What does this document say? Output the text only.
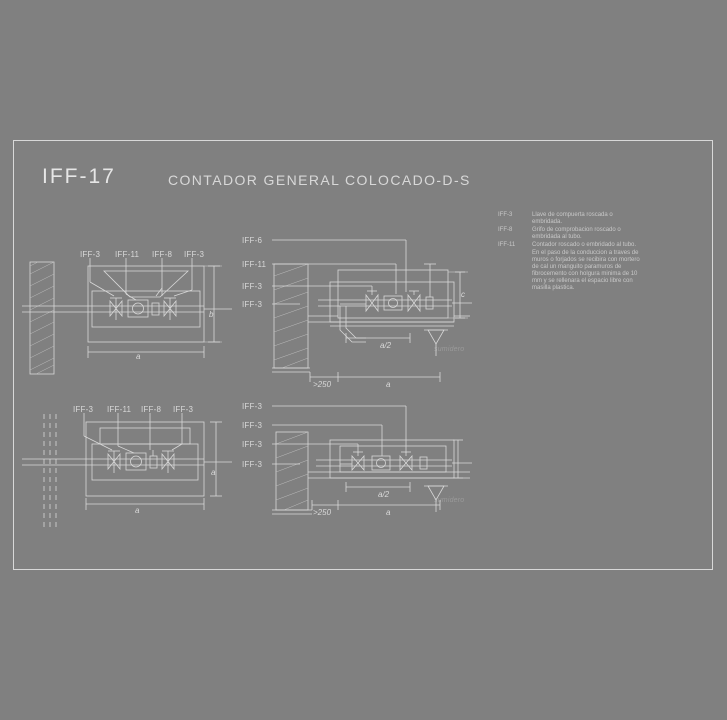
IFF-17	CONTADOR GENERAL COLOCADO-D-S
IFF-3	Llave de compuerta roscada o embridada.
IFF-8	Grifo de comprobacion roscado o embridada al tubo.
IFF-11	Contador roscado o embridado al tubo.
En el paso de la conduccion a traves de muros o forjados se recibira con mortero de cal un manguito paramuros de fibrocemento con holgura minima de 10 mm y se rellenara el espacio libre con masilla plastica.
IFF-3 IFF-11 IFF-8 IFF-3
a
b
IFF-6
IFF-11
IFF-3
IFF-3
>250	a
a/2
c
sumidero
IFF-3 IFF-11 IFF-8 IFF-3
a
a
IFF-3
IFF-3
IFF-3
IFF-3
>250	a
a/2
sumidero
